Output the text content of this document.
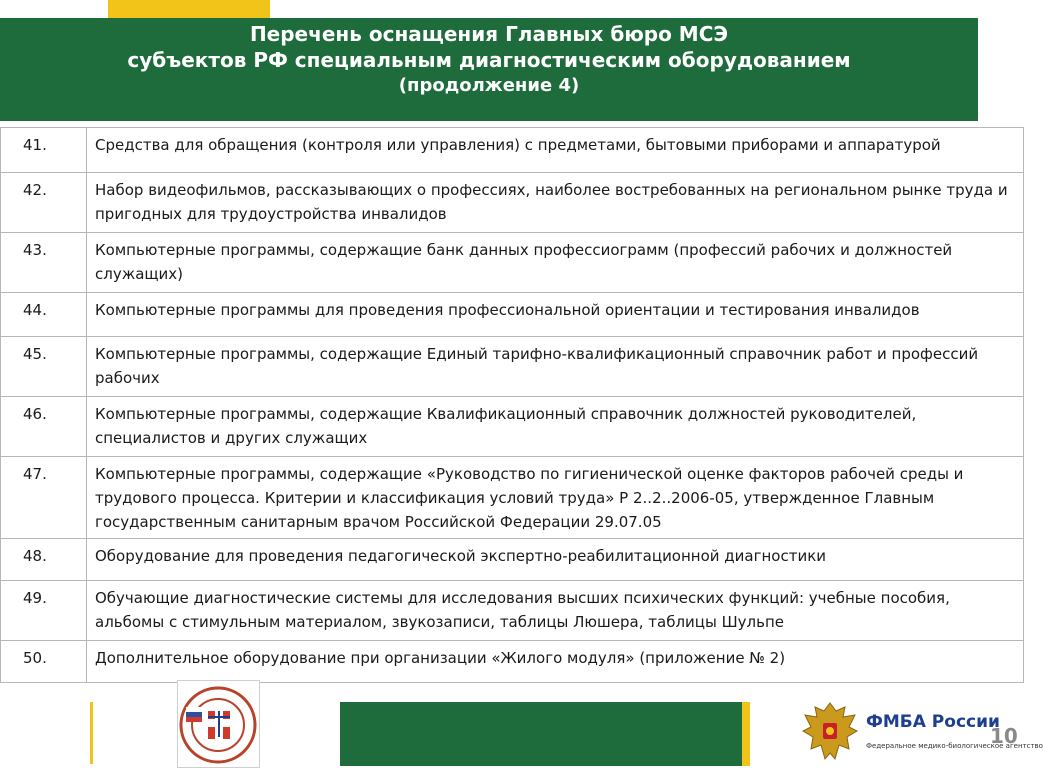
Перечень оснащения Главных бюро МСЭ
субъектов РФ специальным диагностическим оборудованием
(продолжение 4)
41.	Средства для обращения (контроля или управления) с предметами, бытовыми приборами и аппаратурой
42.	Набор видеофильмов, рассказывающих о профессиях, наиболее востребованных на региональном рынке труда и пригодных для трудоустройства инвалидов
43.	Компьютерные программы, содержащие банк данных профессиограмм (профессий рабочих и должностей служащих)
44.	Компьютерные программы для проведения профессиональной ориентации и тестирования инвалидов
45.	Компьютерные программы, содержащие Единый тарифно-квалификационный справочник работ и профессий рабочих
46.	Компьютерные программы, содержащие Квалификационный справочник должностей руководителей, специалистов и других служащих
47.	Компьютерные программы, содержащие «Руководство по гигиенической оценке факторов рабочей среды и трудового процесса. Критерии и классификация условий труда» Р 2..2..2006-05, утвержденное Главным государственным санитарным врачом Российской Федерации 29.07.05
48.	Оборудование для проведения педагогической экспертно-реабилитационной диагностики
49.	Обучающие диагностические системы для исследования высших психических функций: учебные пособия, альбомы с стимульным материалом, звукозаписи, таблицы Люшера, таблицы Шульпе
50.	Дополнительное оборудование при организации «Жилого модуля» (приложение № 2)
ФМБА России
Федеральное медико-биологическое агентство
10
